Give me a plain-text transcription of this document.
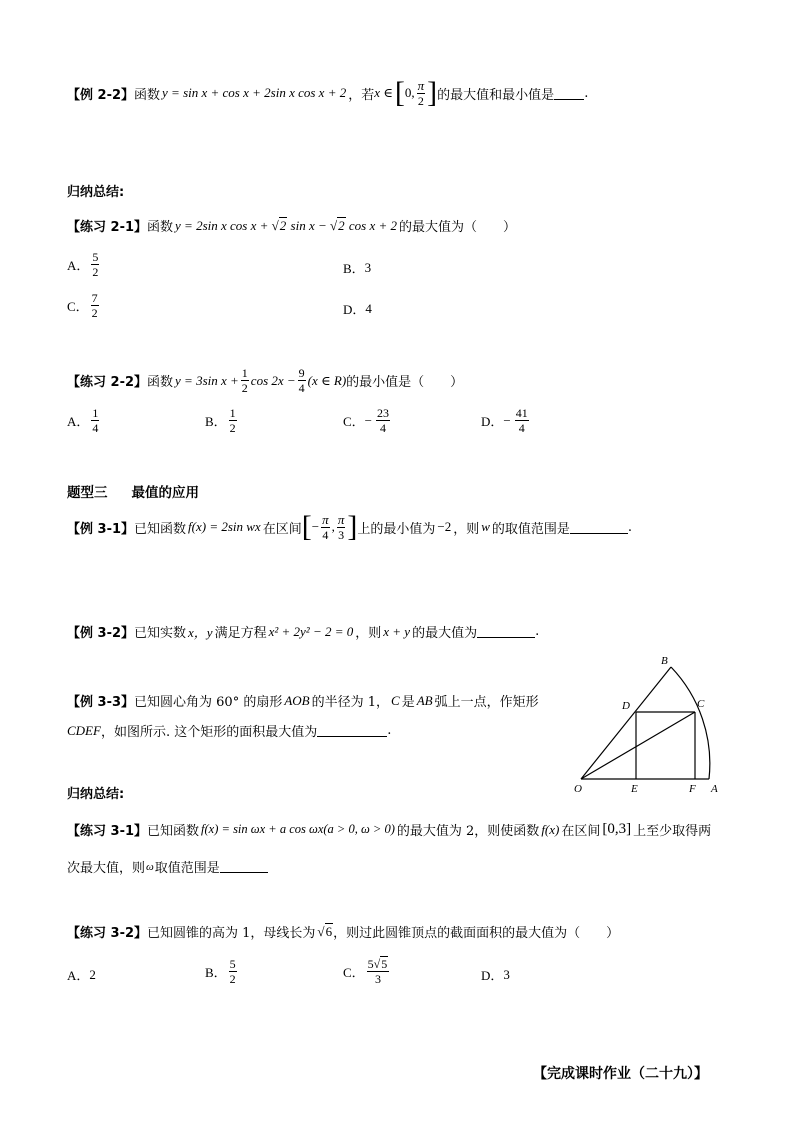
【例 2-2】 函数 y = sin x + cos x + 2sin x cos x + 2 ，若 x ∈ [ 0, $\frac{\pi}{2}$ ] 的最大值和最小值是 .
归纳总结:
【练习 2-1】 函数 y = 2sin x cos x + √2 sin x − √2 cos x + 2 的最大值为（　　）
A． $\frac{5}{2}$	B． 3
C． $\frac{7}{2}$	D． 4
【练习 2-2】 函数 y = 3sin $x + \frac{1}{2}$ $\cos 2x - \frac{9}{4} (x$ ∈ R) 的最小值是（　　）
A． $\frac{1}{4}$	B． $\frac{1}{2}$	C． − $\frac{23}{4}$	D． − $\frac{41}{4}$
题型三 最值的应用
【例 3-1】 已知函数 f(x) = 2sin wx 在区间 [ − $\frac{\pi}{4}$ , $\frac{\pi}{3}$ ] 上的最小值为 −2 ，则 w 的取值范围是	.
【例 3-2】 已知实数 x，y 满足方程 x² + 2y² − 2 = 0 ，则 x + y 的最大值为	.
【例 3-3】 已知圆心角为 60° 的扇形 AOB 的半径为 1， C 是 AB 弧上一点，作矩形
CDEF ，如图所示. 这个矩形的面积最大值为	.
B
C
D
O	E	F A
归纳总结:
【练习 3-1】 已知函数 f(x) = sin ωx + a cos ωx(a > 0, ω > 0) 的最大值为 2，则使函数 f(x) 在区间 [0,3] 上至少取得两
次最大值，则 ω 取值范围是
【练习 3-2】 已知圆锥的高为 1，母线长为 √ 6 ，则过此圆锥顶点的截面面积的最大值为（　　）
A． 2	B． $\frac{5}{2}$	C． $\frac{5√5}{3}$	D． 3
【完成课时作业（二十九）】
